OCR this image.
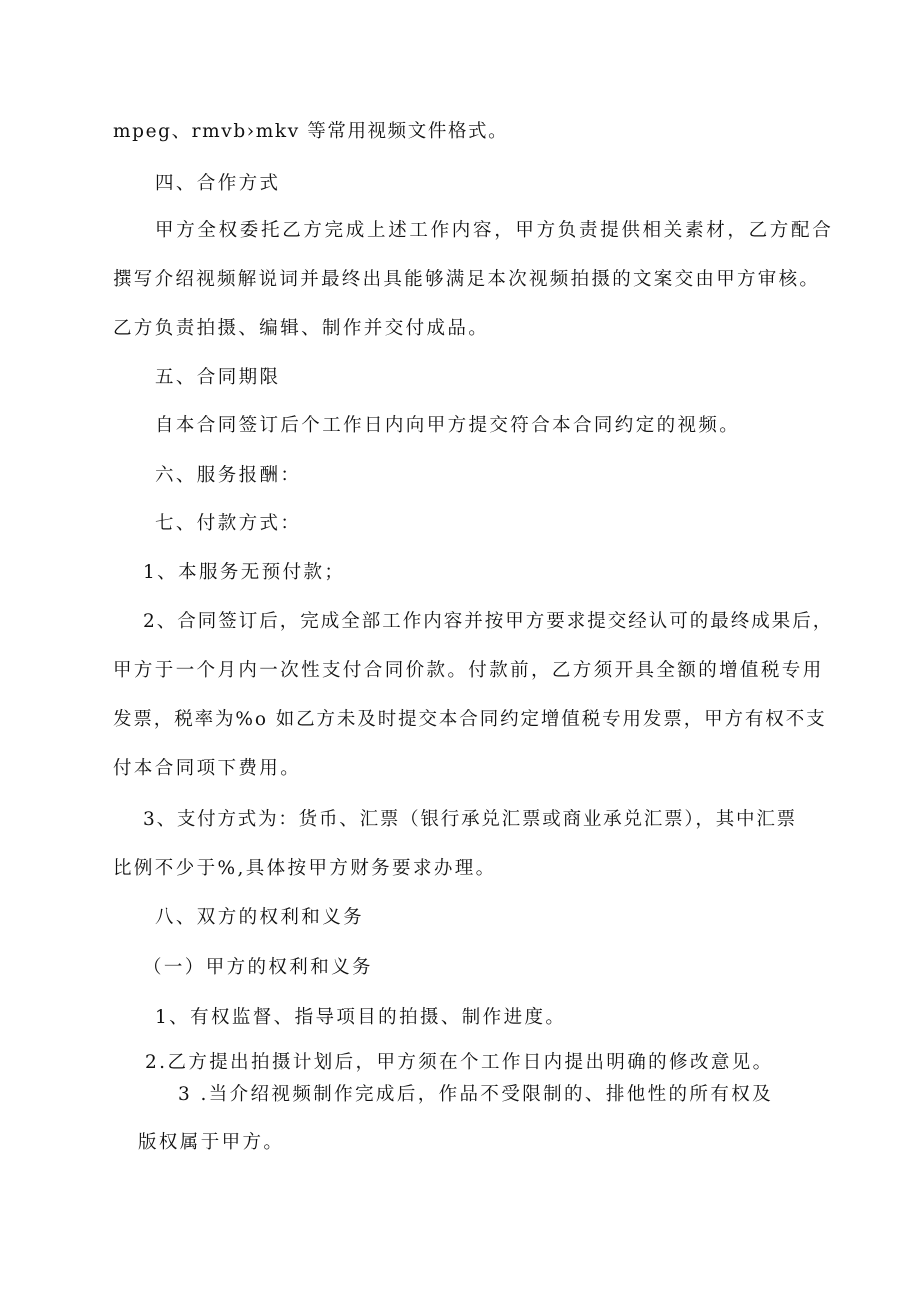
mpeg、rmvb›mkv 等常用视频文件格式。
四、合作方式
甲方全权委托乙方完成上述工作内容，甲方负责提供相关素材，乙方配合
撰写介绍视频解说词并最终出具能够满足本次视频拍摄的文案交由甲方审核。
乙方负责拍摄、编辑、制作并交付成品。
五、合同期限
自本合同签订后个工作日内向甲方提交符合本合同约定的视频。
六、服务报酬：
七、付款方式：
1、本服务无预付款；
2、合同签订后，完成全部工作内容并按甲方要求提交经认可的最终成果后，
甲方于一个月内一次性支付合同价款。付款前，乙方须开具全额的增值税专用
发票，税率为%o 如乙方未及时提交本合同约定增值税专用发票，甲方有权不支
付本合同项下费用。
3、支付方式为：货币、汇票（银行承兑汇票或商业承兑汇票），其中汇票
比例不少于%,具体按甲方财务要求办理。
八、双方的权利和义务
（一）甲方的权利和义务
1、有权监督、指导项目的拍摄、制作进度。
2.乙方提出拍摄计划后，甲方须在个工作日内提出明确的修改意见。
3 .当介绍视频制作完成后，作品不受限制的、排他性的所有权及
版权属于甲方。
